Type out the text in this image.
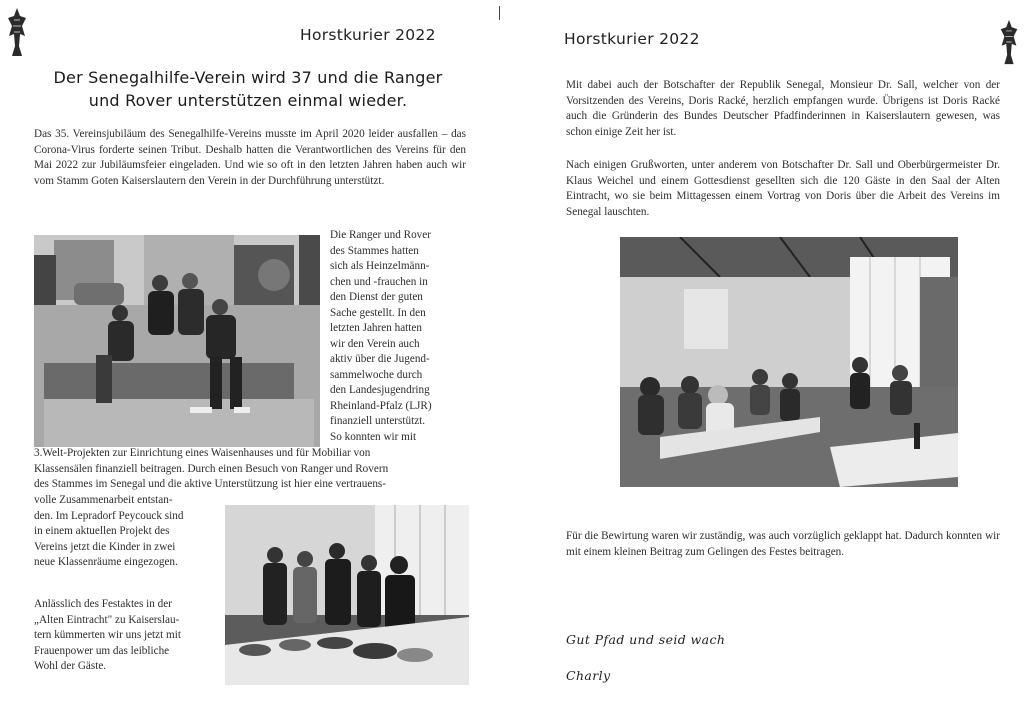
Horstkurier 2022
Der Senegalhilfe-Verein wird 37 und die Ranger
und Rover unterstützen einmal wieder.
Das 35. Vereinsjubiläum des Senegalhilfe-Vereins musste im April 2020 leider ausfallen – das Corona-Virus forderte seinen Tribut. Deshalb hatten die Verantwortlichen des Vereins für den Mai 2022 zur Jubiläumsfeier eingeladen. Und wie so oft in den letzten Jahren haben auch wir vom Stamm Goten Kaiserslautern den Verein in der Durchführung unterstützt.
Die Ranger und Rover
des Stammes hatten
sich als Heinzelmänn-
chen und -frauchen in
den Dienst der guten
Sache gestellt. In den
letzten Jahren hatten
wir den Verein auch
aktiv über die Jugend-
sammelwoche durch
den Landesjugendring
Rheinland-Pfalz (LJR)
finanziell unterstützt.
So konnten wir mit
3.Welt-Projekten zur Einrichtung eines Waisenhauses und für Mobiliar von
Klassensälen finanziell beitragen. Durch einen Besuch von Ranger und Rovern
des Stammes im Senegal und die aktive Unterstützung ist hier eine vertrauens-
volle Zusammenarbeit entstan-
den. Im Lepradorf Peycouck sind
in einem aktuellen Projekt des
Vereins jetzt die Kinder in zwei
neue Klassenräume eingezogen.
Anlässlich des Festaktes in der
„Alten Eintracht" zu Kaiserslau-
tern kümmerten wir uns jetzt mit
Frauenpower um das leibliche
Wohl der Gäste.
Horstkurier 2022
Mit dabei auch der Botschafter der Republik Senegal, Monsieur Dr. Sall, welcher von der Vorsitzenden des Vereins, Doris Racké, herzlich empfangen wurde. Übrigens ist Doris Racké auch die Gründerin des Bundes Deutscher Pfadfinderinnen in Kaiserslautern gewesen, was schon einige Zeit her ist.
Nach einigen Grußworten, unter anderem von Botschafter Dr. Sall und Oberbürgermeister Dr. Klaus Weichel und einem Gottesdienst gesellten sich die 120 Gäste in den Saal der Alten Eintracht, wo sie beim Mittagessen einem Vortrag von Doris über die Arbeit des Vereins im Senegal lauschten.
Für die Bewirtung waren wir zuständig, was auch vorzüglich geklappt hat. Dadurch konnten wir mit einem kleinen Beitrag zum Gelingen des Festes beitragen.
Gut Pfad und seid wach
Charly
